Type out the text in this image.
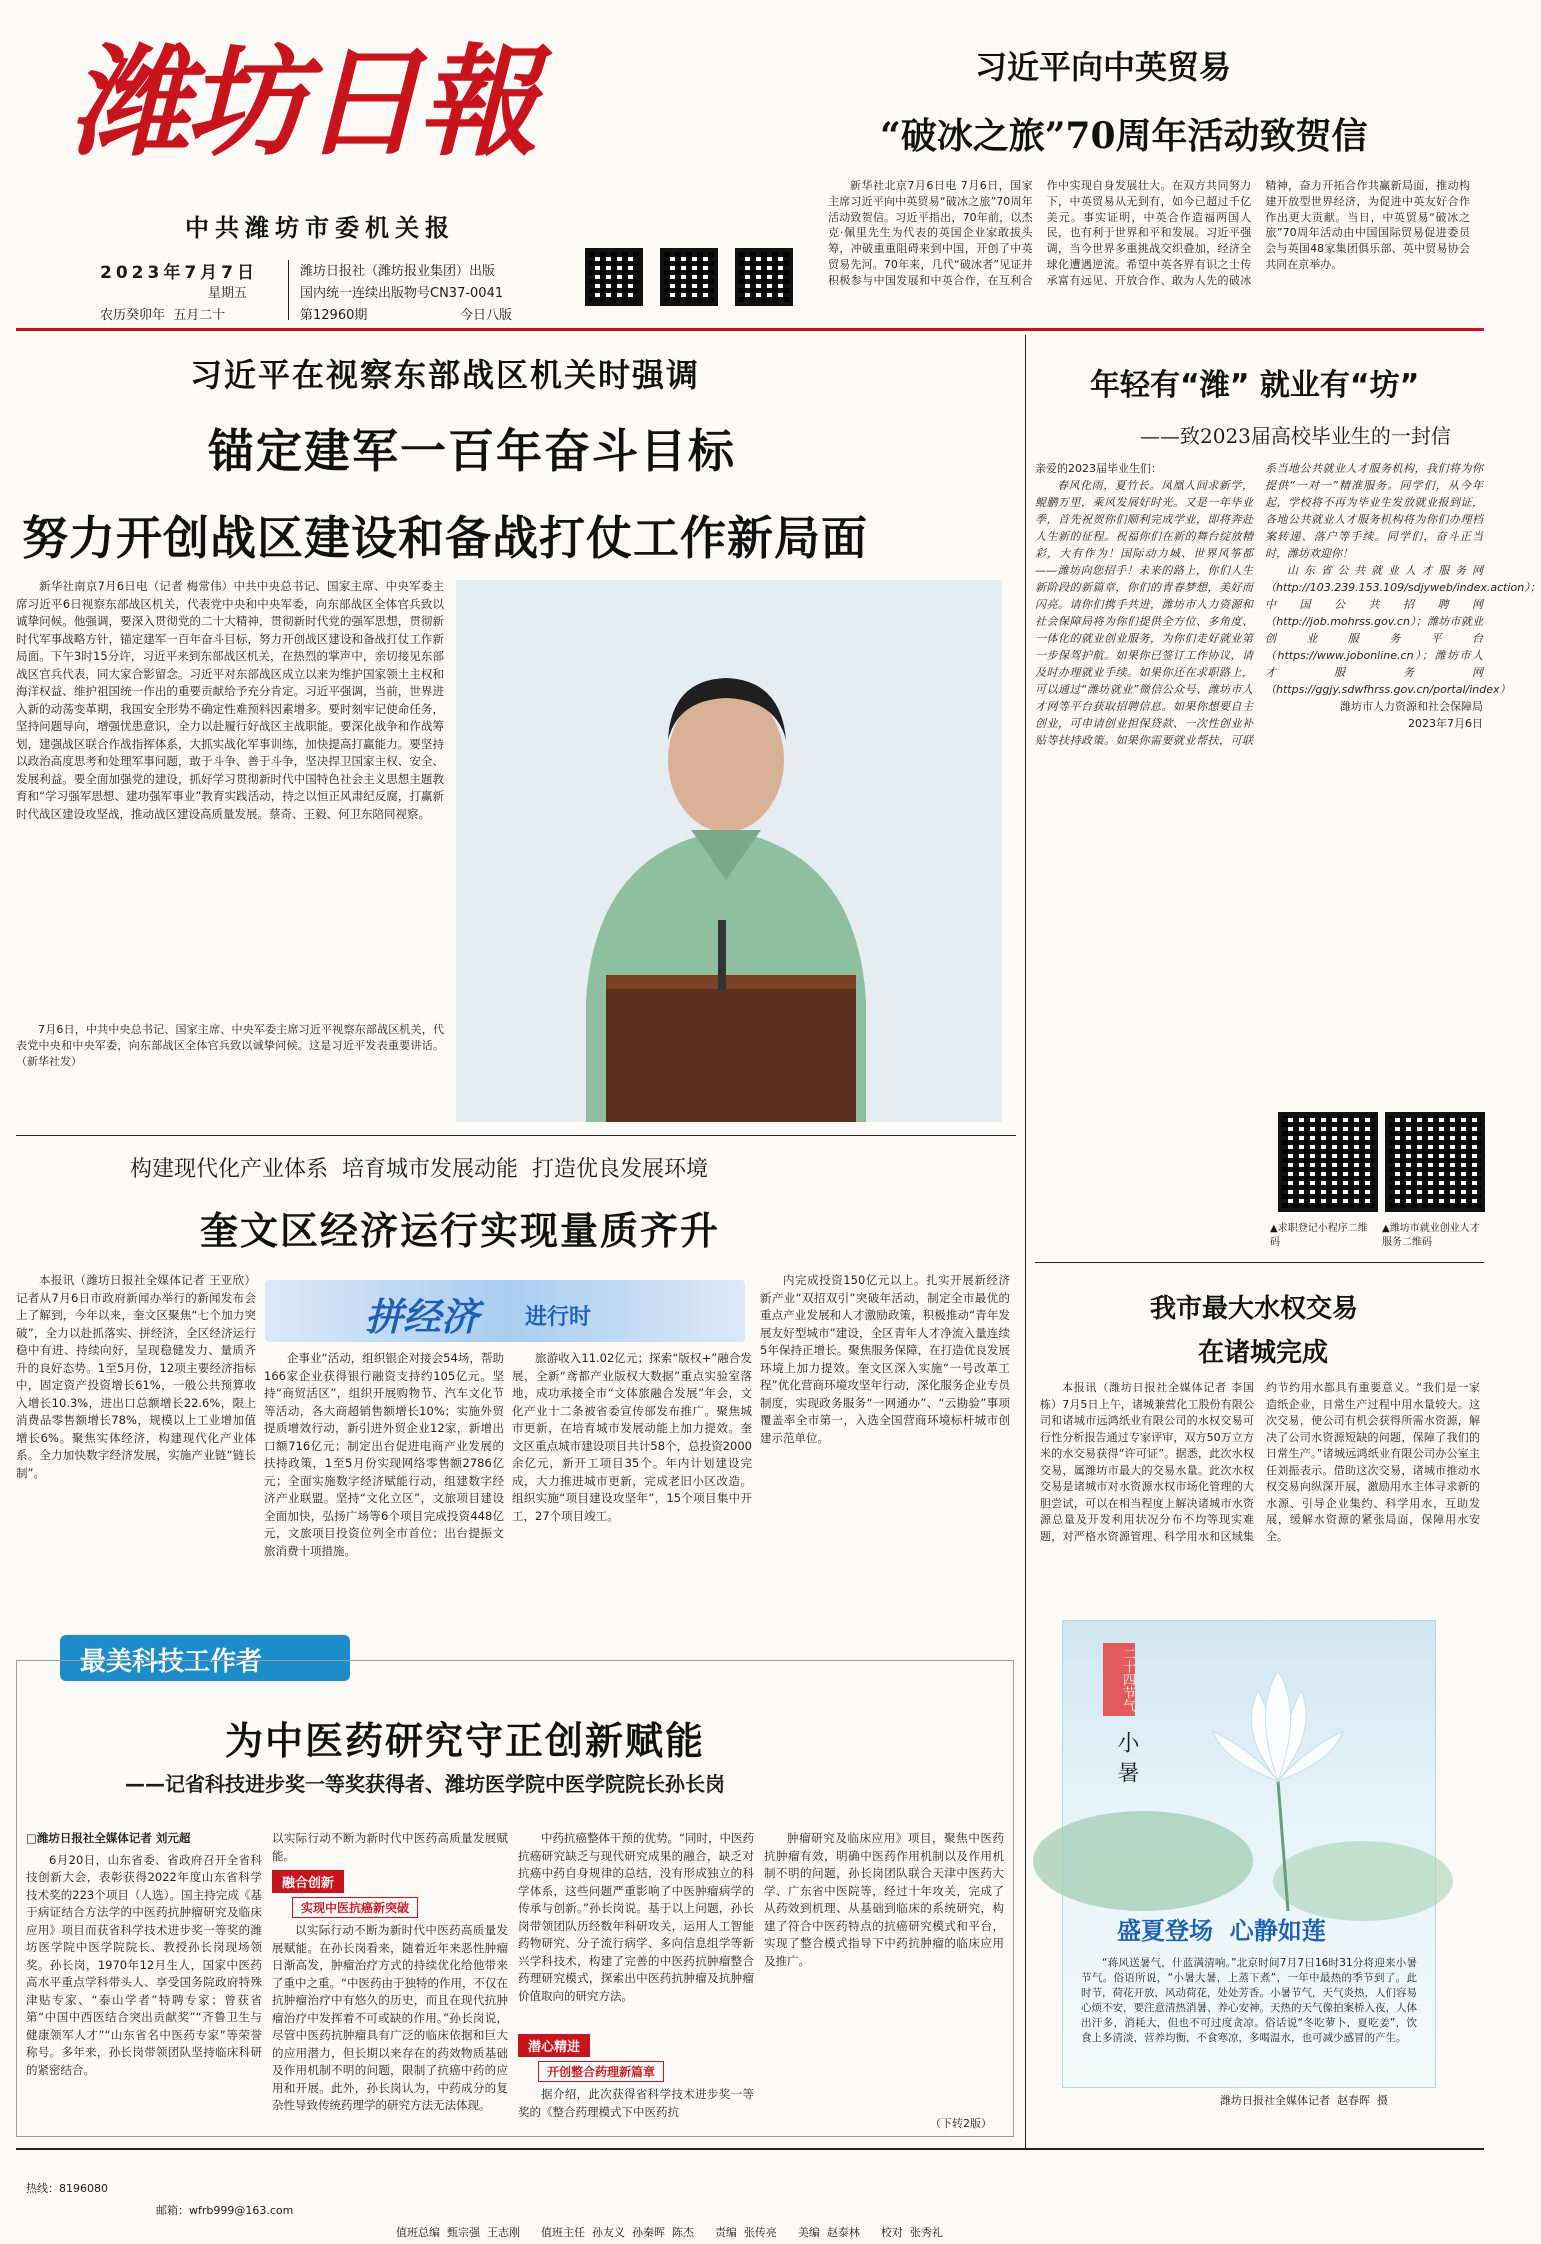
潍坊日報
中共潍坊市委机关报
2023年7月7日
星期五
农历癸卯年  五月二十
潍坊日报社（潍坊报业集团）出版
国内统一连续出版物号CN37-0041
第12960期	今日八版
习近平向中英贸易
“破冰之旅”70周年活动致贺信

新华社北京7月6日电 7月6日，国家主席习近平向中英贸易“破冰之旅”70周年活动致贺信。习近平指出，70年前，以杰克·佩里先生为代表的英国企业家敢拔头筹，冲破重重阻碍来到中国，开创了中英贸易先河。70年来，几代“破冰者”见证并积极参与中国发展和中英合作，在互利合作中实现自身发展壮大。在双方共同努力下，中英贸易从无到有，如今已超过千亿美元。事实证明，中英合作造福两国人民，也有利于世界和平和发展。习近平强调，当今世界多重挑战交织叠加，经济全球化遭遇逆流。希望中英各界有识之士传承富有远见、开放合作、敢为人先的破冰精神，奋力开拓合作共赢新局面，推动构建开放型世界经济，为促进中英友好合作作出更大贡献。当日，中英贸易“破冰之旅”70周年活动由中国国际贸易促进委员会与英国48家集团俱乐部、英中贸易协会共同在京举办。

习近平在视察东部战区机关时强调
锚定建军一百年奋斗目标
努力开创战区建设和备战打仗工作新局面

新华社南京7月6日电（记者 梅常伟）中共中央总书记、国家主席、中央军委主席习近平6日视察东部战区机关，代表党中央和中央军委，向东部战区全体官兵致以诚挚问候。他强调，要深入贯彻党的二十大精神，贯彻新时代党的强军思想，贯彻新时代军事战略方针，锚定建军一百年奋斗目标，努力开创战区建设和备战打仗工作新局面。下午3时15分许，习近平来到东部战区机关，在热烈的掌声中，亲切接见东部战区官兵代表，同大家合影留念。习近平对东部战区成立以来为维护国家领土主权和海洋权益、维护祖国统一作出的重要贡献给予充分肯定。习近平强调，当前，世界进入新的动荡变革期，我国安全形势不确定性难预料因素增多。要时刻牢记使命任务，坚持问题导向，增强忧患意识，全力以赴履行好战区主战职能。要深化战争和作战筹划，建强战区联合作战指挥体系，大抓实战化军事训练，加快提高打赢能力。要坚持以政治高度思考和处理军事问题，敢于斗争、善于斗争，坚决捍卫国家主权、安全、发展利益。要全面加强党的建设，抓好学习贯彻新时代中国特色社会主义思想主题教育和“学习强军思想、建功强军事业”教育实践活动，持之以恒正风肃纪反腐，打赢新时代战区建设攻坚战，推动战区建设高质量发展。蔡奇、王毅、何卫东陪同视察。

7月6日，中共中央总书记、国家主席、中央军委主席习近平视察东部战区机关，代表党中央和中央军委，向东部战区全体官兵致以诚挚问候。这是习近平发表重要讲话。（新华社发）

构建现代化产业体系  培育城市发展动能  打造优良发展环境
奎文区经济运行实现量质齐升
拼经济 进行时

本报讯（潍坊日报社全媒体记者 王亚欣）记者从7月6日市政府新闻办举行的新闻发布会上了解到，今年以来，奎文区聚焦“七个加力突破”，全力以赴抓落实、拼经济，全区经济运行稳中有进、持续向好，呈现稳健发力、量质齐升的良好态势。1至5月份，12项主要经济指标中，固定资产投资增长61%，一般公共预算收入增长10.3%，进出口总额增长22.6%，限上消费品零售额增长78%，规模以上工业增加值增长6%。聚焦实体经济，构建现代化产业体系。全力加快数字经济发展，实施产业链“链长制”。

企事业“活动，组织银企对接会54场，帮助166家企业获得银行融资支持约105亿元。坚持“商贸活区”，组织开展购物节、汽车文化节等活动，各大商超销售额增长10%；实施外贸提质增效行动，新引进外贸企业12家，新增出口额716亿元；制定出台促进电商产业发展的扶持政策，1至5月份实现网络零售额2786亿元；全面实施数字经济赋能行动，组建数字经济产业联盟。坚持“文化立区”，文旅项目建设全面加快，弘扬广场等6个项目完成投资448亿元，文旅项目投资位列全市首位；出台提振文旅消费十项措施。

旅游收入11.02亿元；探索“版权+”融合发展，全新“鸢都产业版权大数据”重点实验室落地，成功承接全市“文体旅融合发展”年会，文化产业十二条被省委宣传部发布推广。聚焦城市更新，在培育城市发展动能上加力提效。奎文区重点城市建设项目共计58个，总投资2000余亿元，新开工项目35个。年内计划建设完成，大力推进城市更新，完成老旧小区改造。组织实施“项目建设攻坚年”，15个项目集中开工，27个项目竣工。

内完成投资150亿元以上。扎实开展新经济新产业“双招双引”突破年活动，制定全市最优的重点产业发展和人才激励政策，积极推动“青年发展友好型城市”建设，全区青年人才净流入量连续5年保持正增长。聚焦服务保障，在打造优良发展环境上加力提效。奎文区深入实施“一号改革工程”优化营商环境攻坚年行动，深化服务企业专员制度，实现政务服务“一网通办”、“云勘验”事项覆盖率全市第一，入选全国营商环境标杆城市创建示范单位。

最美科技工作者
为中医药研究守正创新赋能
——记省科技进步奖一等奖获得者、潍坊医学院中医学院院长孙长岗
□潍坊日报社全媒体记者 刘元超

6月20日，山东省委、省政府召开全省科技创新大会，表彰获得2022年度山东省科学技术奖的223个项目（人选）。国主持完成《基于病证结合方法学的中医药抗肿瘤研究及临床应用》项目而获省科学技术进步奖一等奖的潍坊医学院中医学院院长、教授孙长岗现场领奖。孙长岗，1970年12月生人，国家中医药高水平重点学科带头人、享受国务院政府特殊津贴专家、“泰山学者”特聘专家；曾获省第“中国中西医结合突出贡献奖”“齐鲁卫生与健康领军人才”“山东省名中医药专家”等荣誉称号。多年来，孙长岗带领团队坚持临床科研的紧密结合。

以实际行动不断为新时代中医药高质量发展赋能。
融合创新
实现中医抗癌新突破

以实际行动不断为新时代中医药高质量发展赋能。在孙长岗看来，随着近年来恶性肿瘤日渐高发，肿瘤治疗方式的持续优化给他带来了重中之重。“中医药由于独特的作用，不仅在抗肿瘤治疗中有悠久的历史，而且在现代抗肿瘤治疗中发挥着不可或缺的作用。”孙长岗说，尽管中医药抗肿瘤具有广泛的临床依据和巨大的应用潜力，但长期以来存在的药效物质基础及作用机制不明的问题，限制了抗癌中药的应用和开展。此外，孙长岗认为，中药成分的复杂性导致传统药理学的研究方法无法体现。

中药抗癌整体干预的优势。“同时，中医药抗癌研究缺乏与现代研究成果的融合，缺乏对抗癌中药自身规律的总结，没有形成独立的科学体系，这些问题严重影响了中医肿瘤病学的传承与创新。”孙长岗说。基于以上问题，孙长岗带领团队历经数年科研攻关，运用人工智能药物研究、分子流行病学、多向信息组学等新兴学科技术，构建了完善的中医药抗肿瘤整合药理研究模式，探索出中医药抗肿瘤及抗肿瘤价值取向的研究方法。

潜心精进
开创整合药理新篇章

据介绍，此次获得省科学技术进步奖一等奖的《整合药理模式下中医药抗

肿瘤研究及临床应用》项目，聚焦中医药抗肿瘤有效，明确中医药作用机制以及作用机制不明的问题，孙长岗团队联合天津中医药大学、广东省中医院等，经过十年攻关，完成了从药效到机理、从基础到临床的系统研究，构建了符合中医药特点的抗癌研究模式和平台，实现了整合模式指导下中药抗肿瘤的临床应用及推广。

（下转2版）
年轻有“潍” 就业有“坊”
——致2023届高校毕业生的一封信
亲爱的2023届毕业生们：

春风化雨，夏竹长。凤凰人间求新学，鲲鹏万里，乘风发展好时光。又是一年毕业季，首先祝贺你们顺利完成学业，即将奔赴人生新的征程。祝福你们在新的舞台绽放精彩，大有作为！国际动力城、世界风筝都——潍坊向您招手！未来的路上，你们人生新阶段的新篇章，你们的青春梦想，美好而闪亮。请你们携手共进，潍坊市人力资源和社会保障局将为你们提供全方位、多角度、一体化的就业创业服务，为你们走好就业第一步保驾护航。如果你已签订工作协议，请及时办理就业手续。如果你还在求职路上，可以通过“潍坊就业”微信公众号、潍坊市人才网等平台获取招聘信息。如果你想要自主创业，可申请创业担保贷款、一次性创业补贴等扶持政策。如果你需要就业帮扶，可联系当地公共就业人才服务机构，我们将为你提供“一对一”精准服务。同学们，从今年起，学校将不再为毕业生发放就业报到证，各地公共就业人才服务机构将为你们办理档案转递、落户等手续。同学们，奋斗正当时，潍坊欢迎你！

山东省公共就业人才服务网（http://103.239.153.109/sdjyweb/index.action）；中国公共招聘网（http://job.mohrss.gov.cn）；潍坊市就业创业服务平台（https://www.jobonline.cn）；潍坊市人才服务网（https://ggjy.sdwfhrss.gov.cn/portal/index）

潍坊市人力资源和社会保障局
2023年7月6日
▲求职登记小程序二维码
▲潍坊市就业创业人才服务二维码
我市最大水权交易
在诸城完成

本报讯（潍坊日报社全媒体记者 李国栋）7月5日上午，诸城兼营化工股份有限公司和诸城市远鸿纸业有限公司的水权交易可行性分析报告通过专家评审，双方50万立方米的水交易获得“许可证”。据悉，此次水权交易，属潍坊市最大的交易水量。此次水权交易是诸城市对水资源水权市场化管理的大胆尝试，可以在相当程度上解决诸城市水资源总量及开发利用状况分布不均等现实难题，对严格水资源管理、科学用水和区域集约节约用水都具有重要意义。“我们是一家造纸企业，日常生产过程中用水量较大。这次交易，使公司有机会获得所需水资源，解决了公司水资源短缺的问题，保障了我们的日常生产。”诸城远鸿纸业有限公司办公室主任刘振表示。借助这次交易，诸城市推动水权交易向纵深开展，激励用水主体寻求新的水源、引导企业集约、科学用水，互助发展，缓解水资源的紧张局面，保障用水安全。

二十四节气
小暑
盛夏登场  心静如莲

“蒋风送暑气，什蓝满清响。”北京时间7月7日16时31分将迎来小暑节气。俗语所说，“小暑大暑，上蒸下煮”，一年中最热的季节到了。此时节，荷花开放，风动荷花，处处芳香。小暑节气，天气炎热，人们容易心烦不安，要注意清热消暑、养心安神。天热的天气像拍案桥入夜，人体出汗多，消耗大，但也不可过度贪凉。俗话说“冬吃萝卜，夏吃姜”，饮食上多清淡，营养均衡，不食寒凉，多喝温水，也可减少感冒的产生。

潍坊日报社全媒体记者  赵春晖  摄

热线：8196080

邮箱：wfrb999@163.com

值班总编  甄宗强  王志刚      值班主任  孙友义  孙秦晖  陈杰      责编  张传亮      美编  赵泰林      校对  张秀礼
